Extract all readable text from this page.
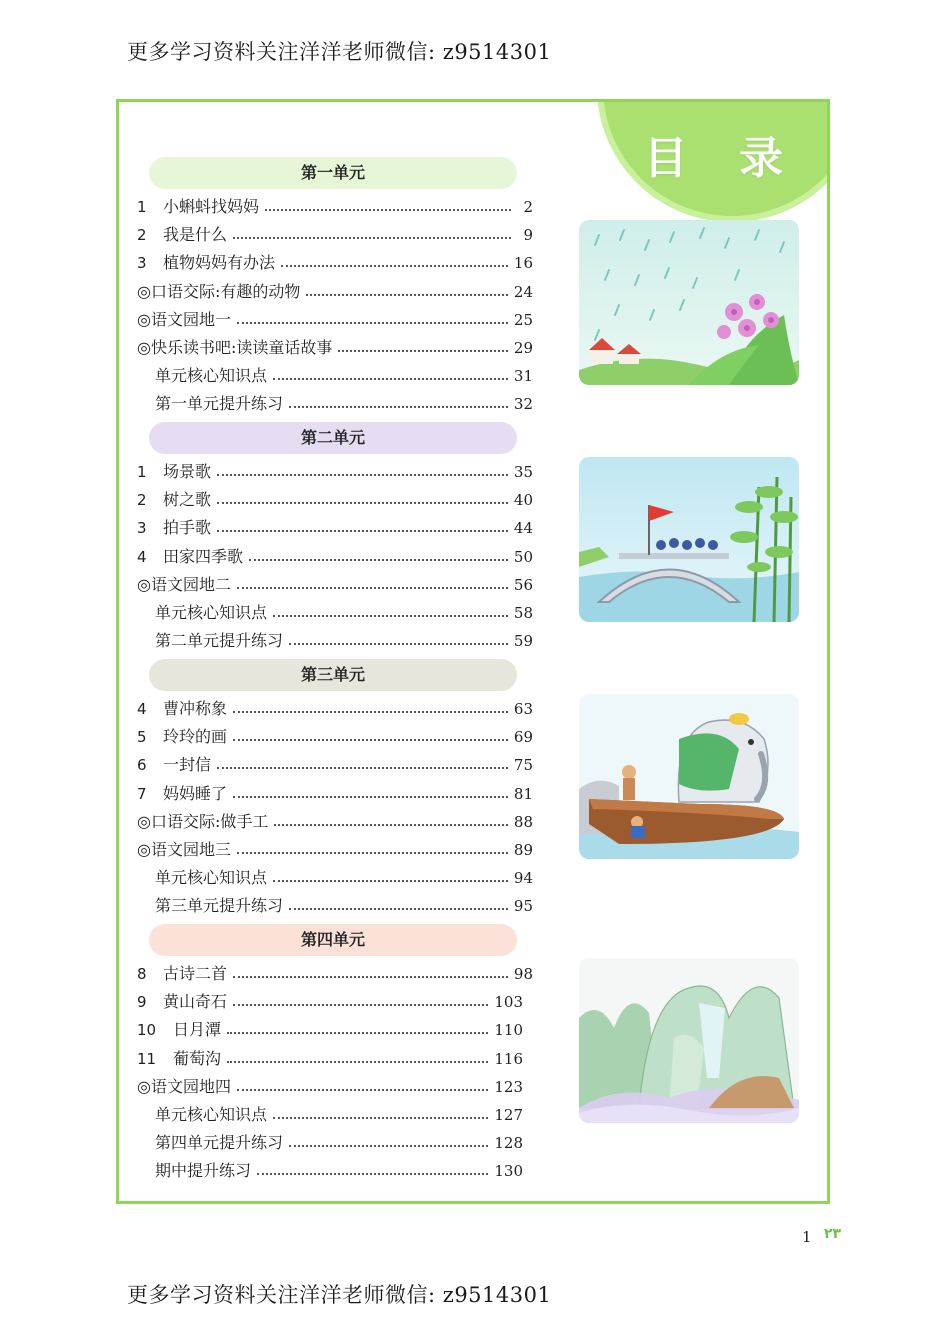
更多学习资料关注洋洋老师微信: z9514301
目 录
第一单元
第二单元
第三单元
第四单元
1	小蝌蚪找妈妈	2
2	我是什么	9
3	植物妈妈有办法	16
◎口语交际:有趣的动物	24
◎语文园地一	25
◎快乐读书吧:读读童话故事	29
单元核心知识点	31
第一单元提升练习	32
1	场景歌	35
2	树之歌	40
3	拍手歌	44
4	田家四季歌	50
◎语文园地二	56
单元核心知识点	58
第二单元提升练习	59
4	曹冲称象	63
5	玲玲的画	69
6	一封信	75
7	妈妈睡了	81
◎口语交际:做手工	88
◎语文园地三	89
单元核心知识点	94
第三单元提升练习	95
8	古诗二首	98
9	黄山奇石	103
10	日月潭	110
11	葡萄沟	116
◎语文园地四	123
单元核心知识点	127
第四单元提升练习	128
期中提升练习	130
1 ۲۳
更多学习资料关注洋洋老师微信: z9514301
